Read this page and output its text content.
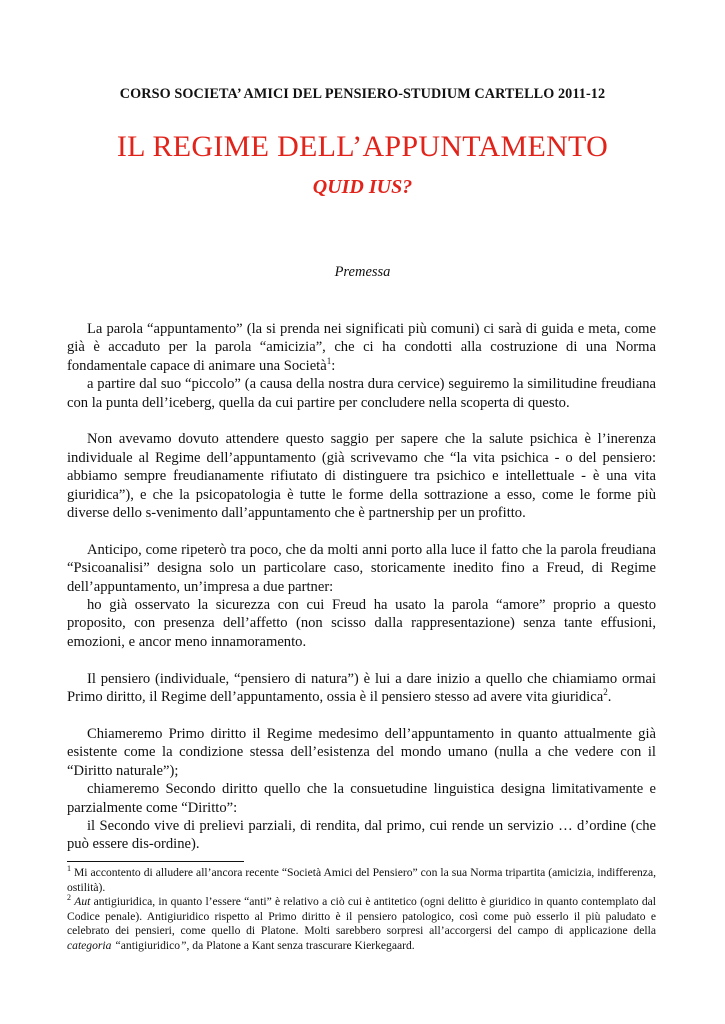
CORSO SOCIETA’ AMICI DEL PENSIERO-STUDIUM CARTELLO 2011-12
IL REGIME DELL’APPUNTAMENTO
QUID IUS?
Premessa

La parola “appuntamento” (la si prenda nei significati più comuni) ci sarà di guida e meta, come già è accaduto per la parola “amicizia”, che ci ha condotti alla costruzione di una Norma fondamentale capace di animare una Società$^1$:

a partire dal suo “piccolo” (a causa della nostra dura cervice) seguiremo la similitudine freudiana con la punta dell’iceberg, quella da cui partire per concludere nella scoperta di questo.

Non avevamo dovuto attendere questo saggio per sapere che la salute psichica è l’inerenza individuale al Regime dell’appuntamento (già scrivevamo che “la vita psichica - o del pensiero: abbiamo sempre freudianamente rifiutato di distinguere tra psichico e intellettuale - è una vita giuridica”), e che la psicopatologia è tutte le forme della sottrazione a esso, come le forme più diverse dello s-venimento dall’appuntamento che è partnership per un profitto.

Anticipo, come ripeterò tra poco, che da molti anni porto alla luce il fatto che la parola freudiana “Psicoanalisi” designa solo un particolare caso, storicamente inedito fino a Freud, di Regime dell’appuntamento, un’impresa a due partner:

ho già osservato la sicurezza con cui Freud ha usato la parola “amore” proprio a questo proposito, con presenza dell’affetto (non scisso dalla rappresentazione) senza tante effusioni, emozioni, e ancor meno innamoramento.

Il pensiero (individuale, “pensiero di natura”) è lui a dare inizio a quello che chiamiamo ormai Primo diritto, il Regime dell’appuntamento, ossia è il pensiero stesso ad avere vita giuridica$^2$.

Chiameremo Primo diritto il Regime medesimo dell’appuntamento in quanto attualmente già esistente come la condizione stessa dell’esistenza del mondo umano (nulla a che vedere con il “Diritto naturale”);

chiameremo Secondo diritto quello che la consuetudine linguistica designa limitativamente e parzialmente come “Diritto”:

il Secondo vive di prelievi parziali, di rendita, dal primo, cui rende un servizio … d’ordine (che può essere dis-ordine).

$^1$ Mi accontento di alludere all’ancora recente “Società Amici del Pensiero” con la sua Norma tripartita (amicizia, indifferenza, ostilità).

$^2$ Aut antigiuridica, in quanto l’essere “anti” è relativo a ciò cui è antitetico (ogni delitto è giuridico in quanto contemplato dal Codice penale). Antigiuridico rispetto al Primo diritto è il pensiero patologico, così come può esserlo il più paludato e celebrato dei pensieri, come quello di Platone. Molti sarebbero sorpresi all’accorgersi del campo di applicazione della categoria “antigiuridico”, da Platone a Kant senza trascurare Kierkegaard.
